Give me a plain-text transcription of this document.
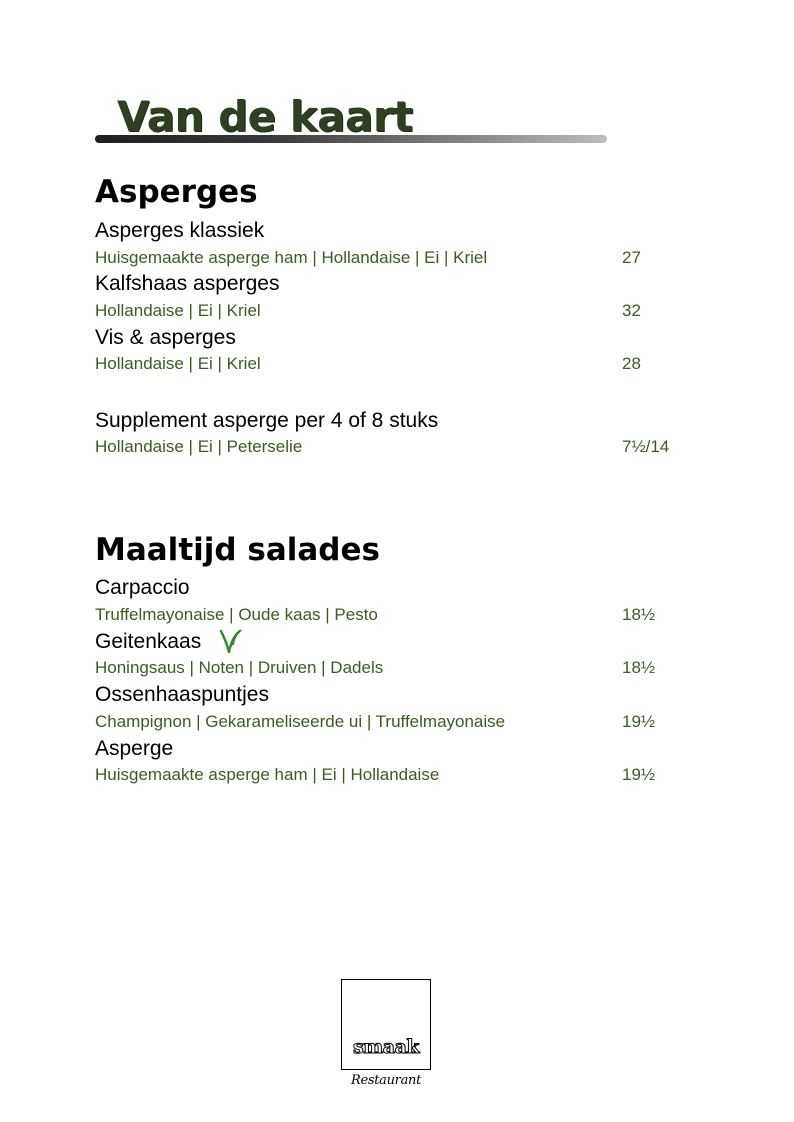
Van de kaart
Asperges
Asperges klassiek
Huisgemaakte asperge ham | Hollandaise | Ei | Kriel	27
Kalfshaas asperges
Hollandaise | Ei | Kriel	32
Vis & asperges
Hollandaise | Ei | Kriel	28
Supplement asperge per 4 of 8 stuks
Hollandaise | Ei | Peterselie	7½/14
Maaltijd salades
Carpaccio
Truffelmayonaise | Oude kaas | Pesto	18½
Geitenkaas
Honingsaus | Noten | Druiven | Dadels	18½
Ossenhaaspuntjes
Champignon | Gekarameliseerde ui | Truffelmayonaise	19½
Asperge
Huisgemaakte asperge ham | Ei | Hollandaise	19½
smaak
Restaurant
